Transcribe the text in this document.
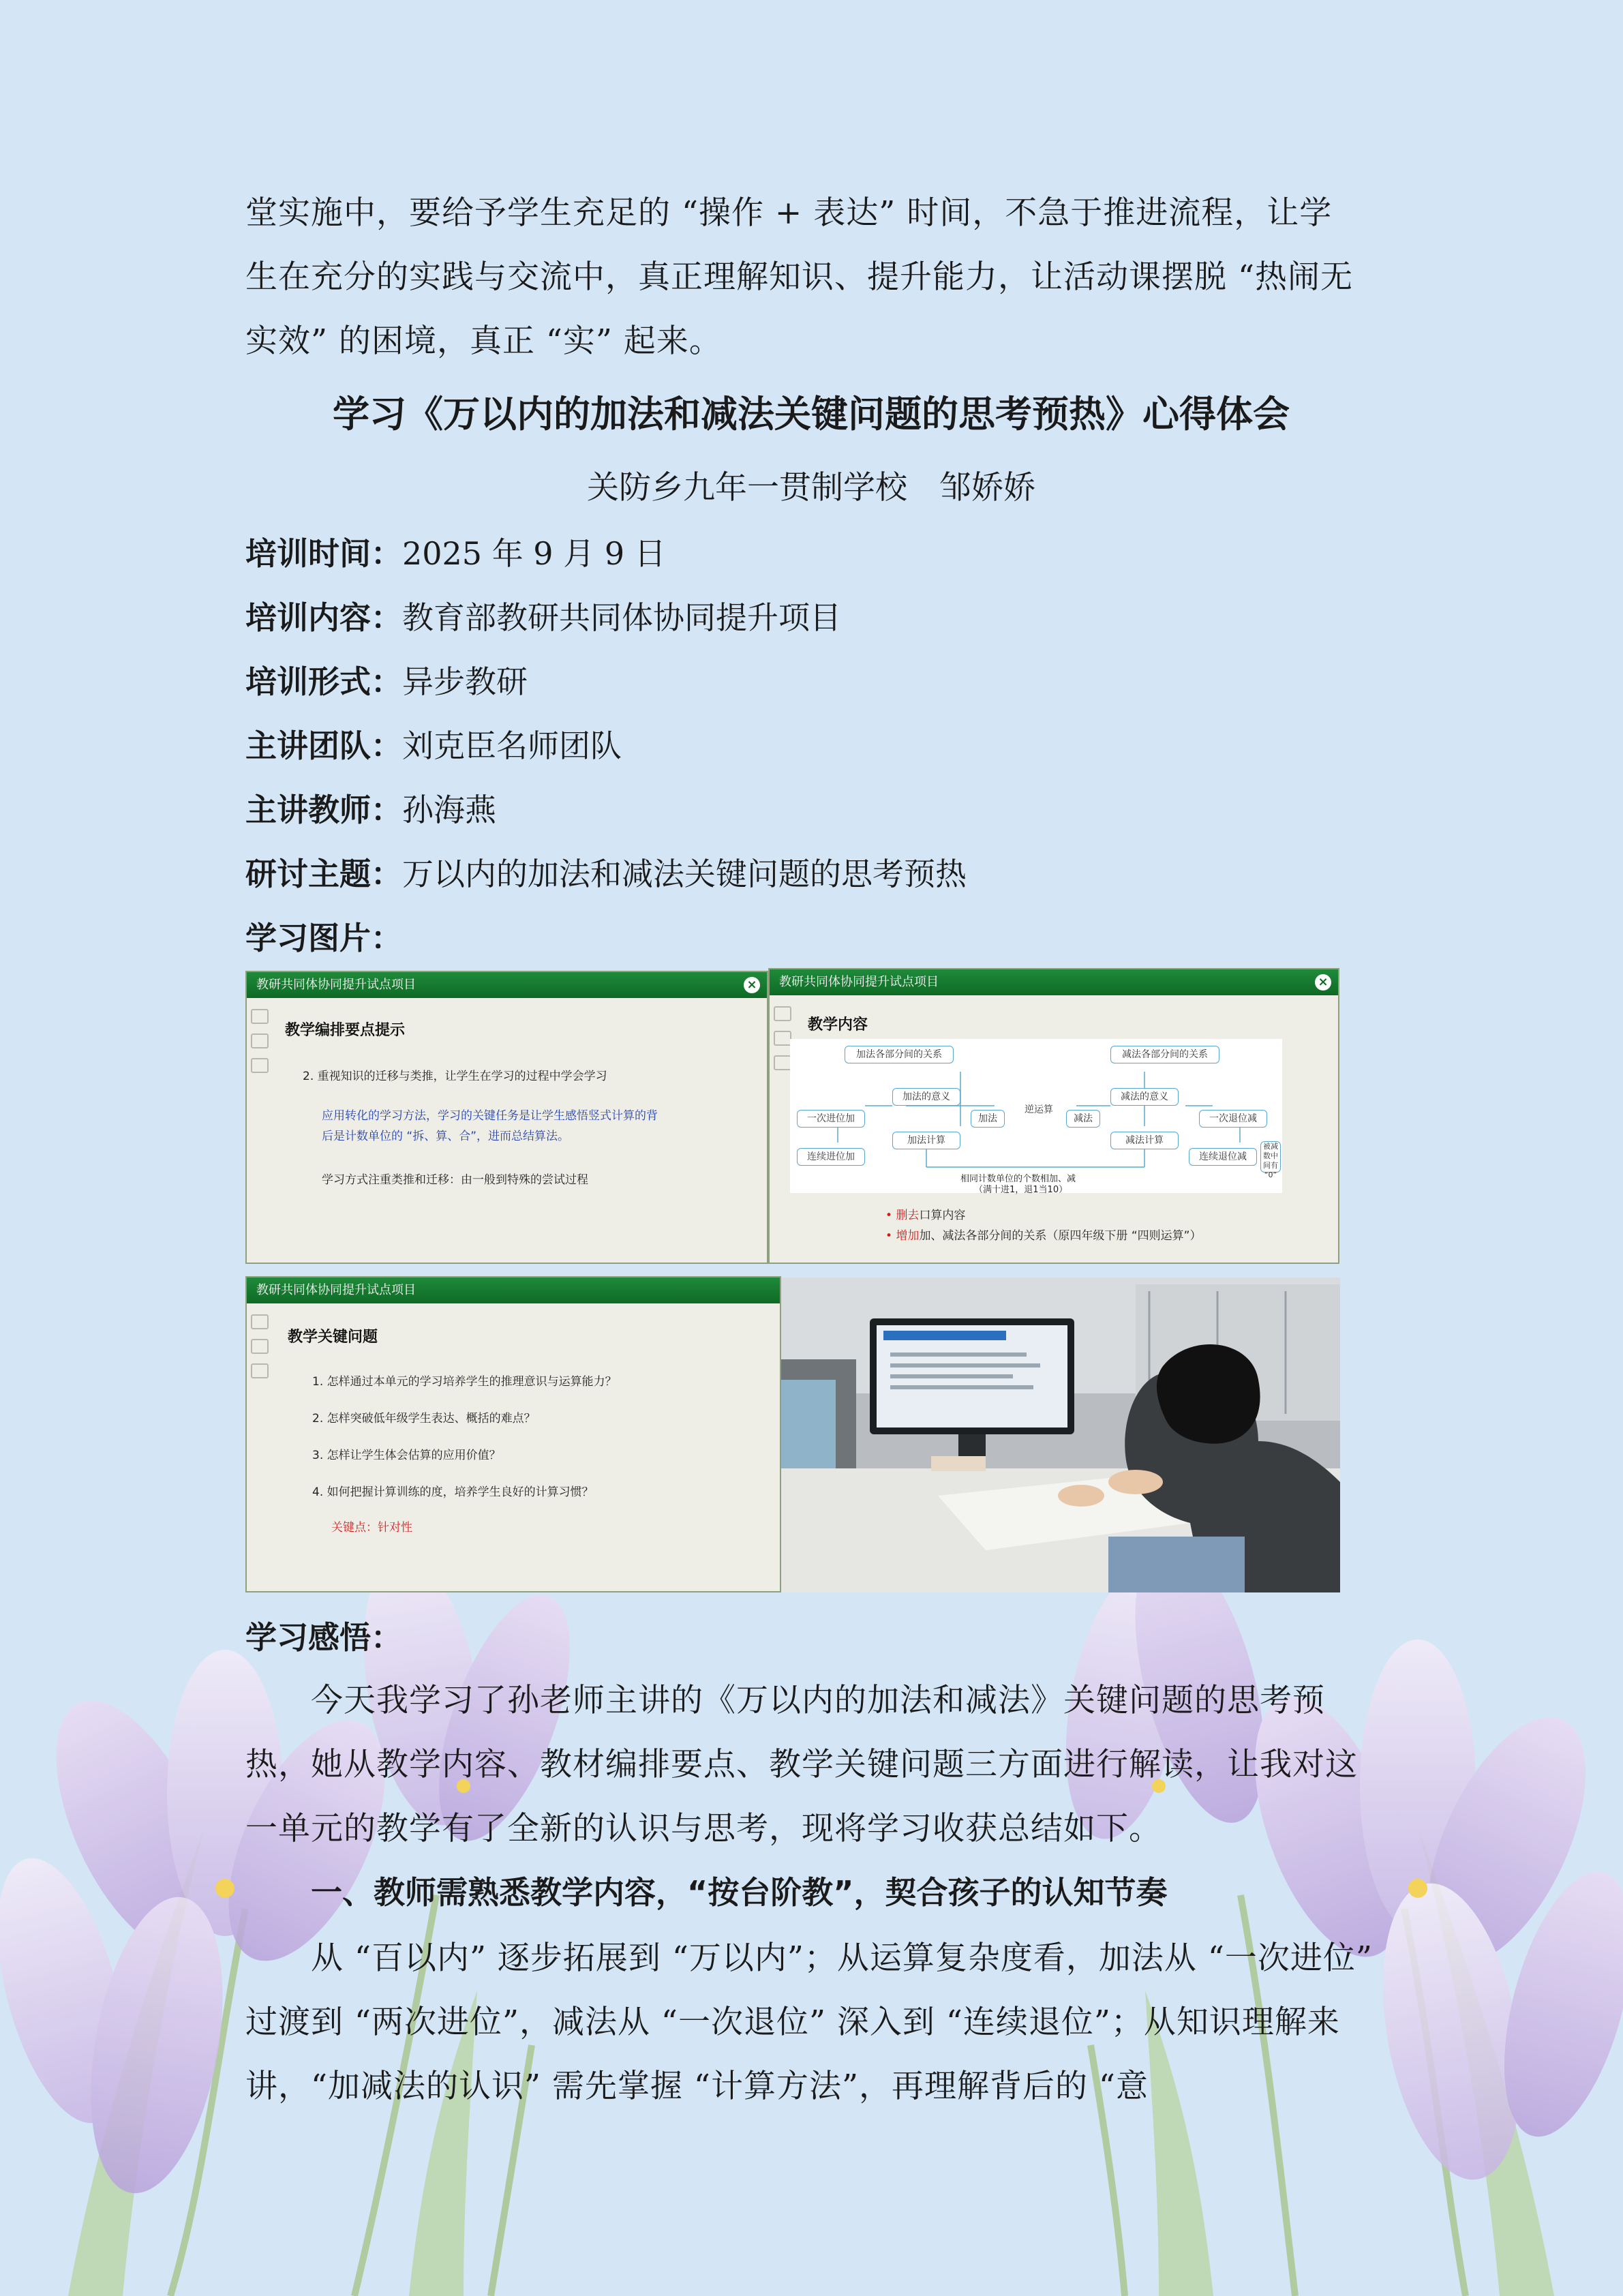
堂实施中，要给予学生充足的 “操作 + 表达” 时间，不急于推进流程，让学

生在充分的实践与交流中，真正理解知识、提升能力，让活动课摆脱 “热闹无

实效” 的困境，真正 “实” 起来。

学习《万以内的加法和减法关键问题的思考预热》心得体会
关防乡九年一贯制学校　邹娇娇
培训时间：2025 年 9 月 9 日
培训内容：教育部教研共同体协同提升项目
培训形式：异步教研
主讲团队：刘克臣名师团队
主讲教师：孙海燕
研讨主题：万以内的加法和减法关键问题的思考预热
学习图片：
教研共同体协同提升试点项目	×
教学编排要点提示
2. 重视知识的迁移与类推，让学生在学习的过程中学会学习
应用转化的学习方法，学习的关键任务是让学生感悟竖式计算的背
后是计数单位的 “拆、算、合”，进而总结算法。
学习方式注重类推和迁移：由一般到特殊的尝试过程
教研共同体协同提升试点项目	×
教学内容
加法各部分间的关系	减法各部分间的关系
加法的意义	减法的意义
一次进位加	加法
逆运算
减法	一次退位减
加法计算	减法计算
连续进位加	连续退位减
被减数中间有 “0”
相同计数单位的个数相加、减
（满十进1，退1当10）
• 删去口算内容
• 增加加、减法各部分间的关系（原四年级下册 “四则运算”）
教研共同体协同提升试点项目
教学关键问题
1. 怎样通过本单元的学习培养学生的推理意识与运算能力？
2. 怎样突破低年级学生表达、概括的难点？
3. 怎样让学生体会估算的应用价值？
4. 如何把握计算训练的度，培养学生良好的计算习惯？
关键点：针对性
学习感悟：

今天我学习了孙老师主讲的《万以内的加法和减法》关键问题的思考预热，她从教学内容、教材编排要点、教学关键问题三方面进行解读，让我对这一单元的教学有了全新的认识与思考，现将学习收获总结如下。

一、教师需熟悉教学内容，“按台阶教”，契合孩子的认知节奏

从 “百以内” 逐步拓展到 “万以内”；从运算复杂度看，加法从 “一次进位” 过渡到 “两次进位”，减法从 “一次退位” 深入到 “连续退位”；从知识理解来讲，“加减法的认识” 需先掌握 “计算方法”，再理解背后的 “意
